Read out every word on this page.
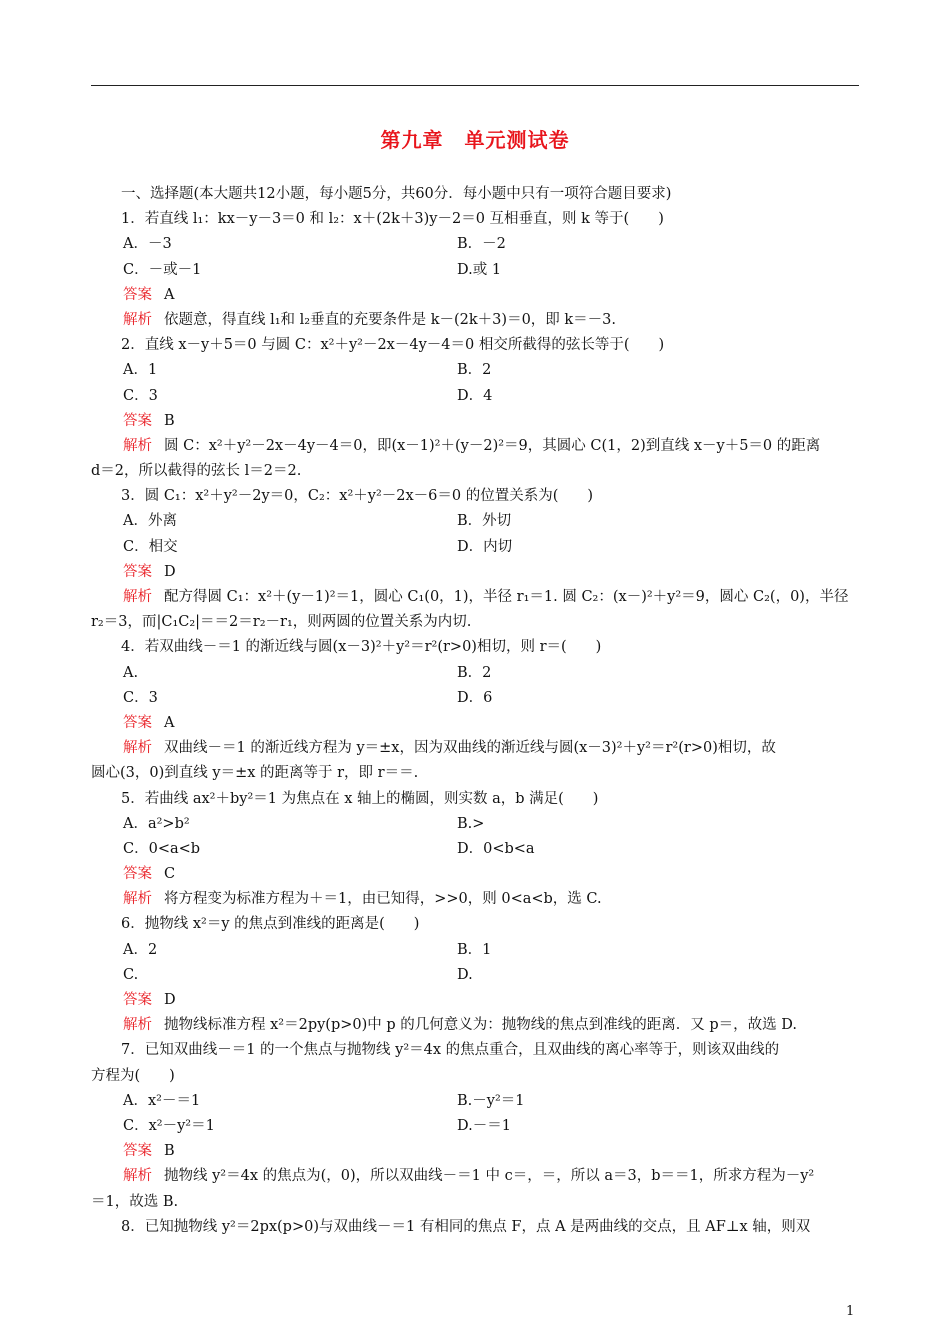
第九章　单元测试卷
一、选择题(本大题共12小题，每小题5分，共60分．每小题中只有一项符合题目要求)
1．若直线 l₁：kx－y－3＝0 和 l₂：x＋(2k＋3)y－2＝0 互相垂直，则 k 等于(　　)
A．－3	B．－2
C．－或－1	D.或 1
答案 A
解析 依题意，得直线 l₁和 l₂垂直的充要条件是 k－(2k＋3)＝0，即 k＝－3.
2．直线 x－y＋5＝0 与圆 C：x²＋y²－2x－4y－4＝0 相交所截得的弦长等于(　　)
A．1	B．2
C．3	D．4
答案 B
解析 圆 C：x²＋y²－2x－4y－4＝0，即(x－1)²＋(y－2)²＝9，其圆心 C(1，2)到直线 x－y＋5＝0 的距离
d＝2，所以截得的弦长 l＝2＝2.
3．圆 C₁：x²＋y²－2y＝0，C₂：x²＋y²－2x－6＝0 的位置关系为(　　)
A．外离	B．外切
C．相交	D．内切
答案 D
解析 配方得圆 C₁：x²＋(y－1)²＝1，圆心 C₁(0，1)，半径 r₁＝1. 圆 C₂：(x－)²＋y²＝9，圆心 C₂(，0)，半径
r₂＝3，而|C₁C₂|＝＝2＝r₂－r₁，则两圆的位置关系为内切.
4．若双曲线－＝1 的渐近线与圆(x－3)²＋y²＝r²(r>0)相切，则 r＝(　　)
A.	B．2
C．3	D．6
答案 A
解析 双曲线－＝1 的渐近线方程为 y＝±x，因为双曲线的渐近线与圆(x－3)²＋y²＝r²(r>0)相切，故
圆心(3，0)到直线 y＝±x 的距离等于 r，即 r＝＝.
5．若曲线 ax²＋by²＝1 为焦点在 x 轴上的椭圆，则实数 a，b 满足(　　)
A．a²>b²	B.>
C．0<a<b	D．0<b<a
答案 C
解析 将方程变为标准方程为＋＝1，由已知得，>>0，则 0<a<b，选 C.
6．抛物线 x²＝y 的焦点到准线的距离是(　　)
A．2	B．1
C.	D.
答案 D
解析 抛物线标准方程 x²＝2py(p>0)中 p 的几何意义为：抛物线的焦点到准线的距离．又 p＝，故选 D.
7．已知双曲线－＝1 的一个焦点与抛物线 y²＝4x 的焦点重合，且双曲线的离心率等于，则该双曲线的
方程为(　　)
A．x²－＝1	B.－y²＝1
C．x²－y²＝1	D.－＝1
答案 B
解析 抛物线 y²＝4x 的焦点为(，0)，所以双曲线－＝1 中 c＝，＝，所以 a＝3，b＝＝1，所求方程为－y²
＝1，故选 B.
8．已知抛物线 y²＝2px(p>0)与双曲线－＝1 有相同的焦点 F，点 A 是两曲线的交点，且 AF⊥x 轴，则双
1
